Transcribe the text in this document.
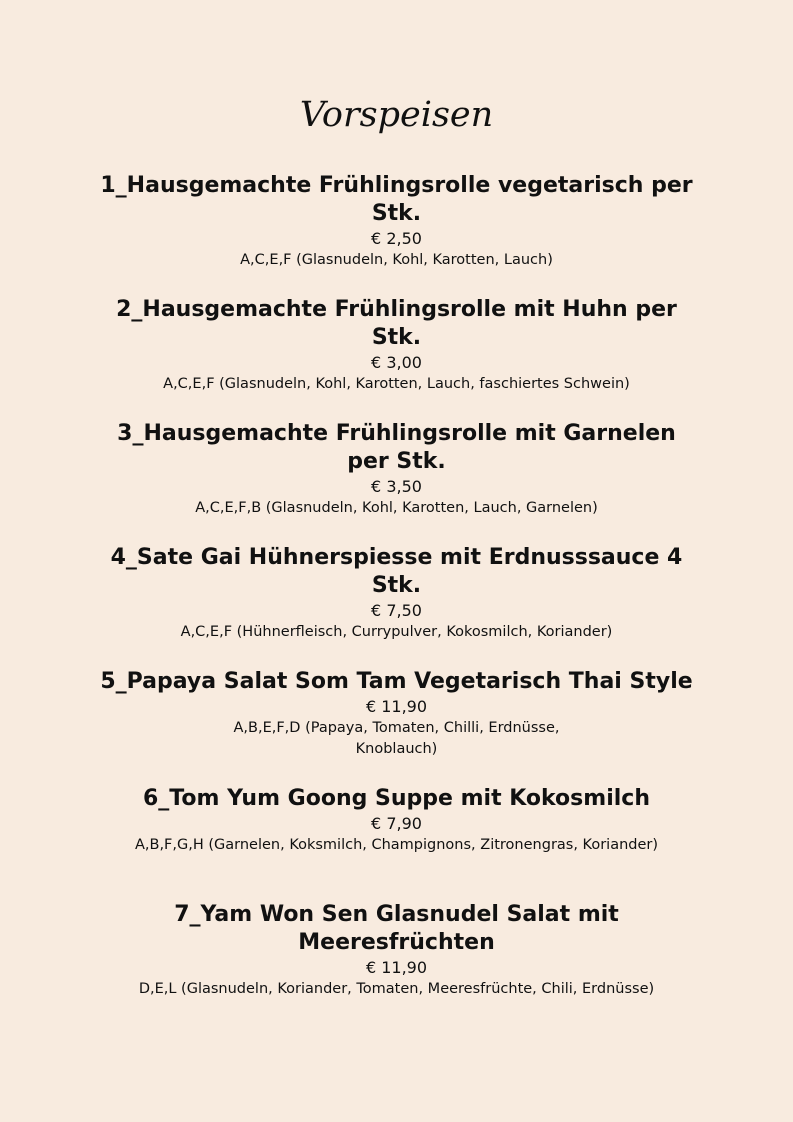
Vorspeisen

1_Hausgemachte Frühlingsrolle vegetarisch per Stk.

€ 2,50

A,C,E,F (Glasnudeln, Kohl, Karotten, Lauch)

2_Hausgemachte Frühlingsrolle mit Huhn per Stk.

€ 3,00

A,C,E,F (Glasnudeln, Kohl, Karotten, Lauch, faschiertes Schwein)

3_Hausgemachte Frühlingsrolle mit Garnelen per Stk.

€ 3,50

A,C,E,F,B (Glasnudeln, Kohl, Karotten, Lauch, Garnelen)

4_Sate Gai Hühnerspiesse mit Erdnusssauce 4 Stk.

€ 7,50

A,C,E,F (Hühnerfleisch, Currypulver, Kokosmilch, Koriander)

5_Papaya Salat Som Tam Vegetarisch Thai Style

€ 11,90

A,B,E,F,D (Papaya, Tomaten, Chilli, Erdnüsse, Knoblauch)

6_Tom Yum Goong Suppe mit Kokosmilch

€ 7,90

A,B,F,G,H (Garnelen, Koksmilch, Champignons, Zitronengras, Koriander)

7_Yam Won Sen Glasnudel Salat mit Meeresfrüchten

€ 11,90

D,E,L (Glasnudeln, Koriander, Tomaten, Meeresfrüchte, Chili, Erdnüsse)
